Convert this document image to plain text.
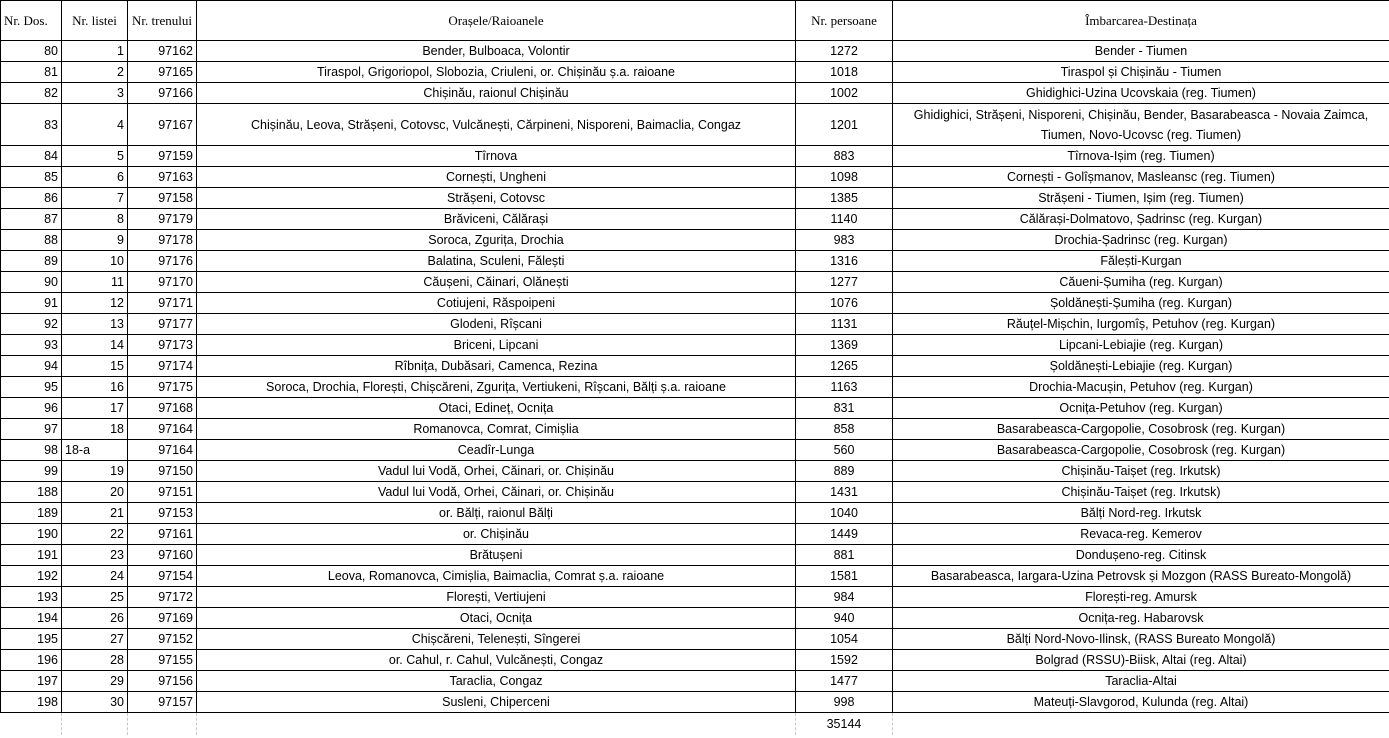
Nr. Dos.	Nr. listei	Nr. trenului	Orașele/Raioanele	Nr. persoane	Îmbarcarea-Destinața
80	1	97162	Bender, Bulboaca, Volontir	1272	Bender - Tiumen
81	2	97165	Tiraspol, Grigoriopol, Slobozia, Criuleni, or. Chișinău ș.a. raioane	1018	Tiraspol și Chișinău - Tiumen
82	3	97166	Chișinău, raionul Chișinău	1002	Ghidighici-Uzina Ucovskaia (reg. Tiumen)
83	4	97167	Chișinău, Leova, Strășeni, Cotovsc, Vulcănești, Cărpineni, Nisporeni, Baimaclia, Congaz	1201	Ghidighici, Strășeni, Nisporeni, Chișinău, Bender, Basarabeasca - Novaia Zaimca, Tiumen, Novo-Ucovsc (reg. Tiumen)
84	5	97159	Tîrnova	883	Tîrnova-Ișim (reg. Tiumen)
85	6	97163	Cornești, Ungheni	1098	Cornești - Golîșmanov, Masleansc (reg. Tiumen)
86	7	97158	Strășeni, Cotovsc	1385	Strășeni - Tiumen, Ișim (reg. Tiumen)
87	8	97179	Brăviceni, Călărași	1140	Călărași-Dolmatovo, Șadrinsc (reg. Kurgan)
88	9	97178	Soroca, Zgurița, Drochia	983	Drochia-Șadrinsc (reg. Kurgan)
89	10	97176	Balatina, Sculeni, Fălești	1316	Fălești-Kurgan
90	11	97170	Căușeni, Căinari, Olănești	1277	Căueni-Șumiha (reg. Kurgan)
91	12	97171	Cotiujeni, Răspoipeni	1076	Șoldănești-Șumiha (reg. Kurgan)
92	13	97177	Glodeni, Rîșcani	1131	Răuțel-Mișchin, Iurgomîș, Petuhov (reg. Kurgan)
93	14	97173	Briceni, Lipcani	1369	Lipcani-Lebiajie (reg. Kurgan)
94	15	97174	Rîbnița, Dubăsari, Camenca, Rezina	1265	Șoldănești-Lebiajie (reg. Kurgan)
95	16	97175	Soroca, Drochia, Florești, Chișcăreni, Zgurița, Vertiukeni, Rîșcani, Bălți ș.a. raioane	1163	Drochia-Macușin, Petuhov (reg. Kurgan)
96	17	97168	Otaci, Edineț, Ocnița	831	Ocnița-Petuhov (reg. Kurgan)
97	18	97164	Romanovca, Comrat, Cimișlia	858	Basarabeasca-Cargopolie, Cosobrosk (reg. Kurgan)
98	18-a	97164	Ceadîr-Lunga	560	Basarabeasca-Cargopolie, Cosobrosk (reg. Kurgan)
99	19	97150	Vadul lui Vodă, Orhei, Căinari, or. Chișinău	889	Chișinău-Taișet (reg. Irkutsk)
188	20	97151	Vadul lui Vodă, Orhei, Căinari, or. Chișinău	1431	Chișinău-Taișet (reg. Irkutsk)
189	21	97153	or. Bălți, raionul Bălți	1040	Bălți Nord-reg. Irkutsk
190	22	97161	or. Chișinău	1449	Revaca-reg. Kemerov
191	23	97160	Brătușeni	881	Dondușeno-reg. Citinsk
192	24	97154	Leova, Romanovca, Cimișlia, Baimaclia, Comrat ș.a. raioane	1581	Basarabeasca, Iargara-Uzina Petrovsk și Mozgon (RASS Bureato-Mongolă)
193	25	97172	Florești, Vertiujeni	984	Florești-reg. Amursk
194	26	97169	Otaci, Ocnița	940	Ocnița-reg. Habarovsk
195	27	97152	Chișcăreni, Telenești, Sîngerei	1054	Bălți Nord-Novo-Ilinsk, (RASS Bureato Mongolă)
196	28	97155	or. Cahul, r. Cahul, Vulcănești, Congaz	1592	Bolgrad (RSSU)-Biisk, Altai (reg. Altai)
197	29	97156	Taraclia, Congaz	1477	Taraclia-Altai
198	30	97157	Susleni, Chiperceni	998	Mateuți-Slavgorod, Kulunda (reg. Altai)
				35144	
